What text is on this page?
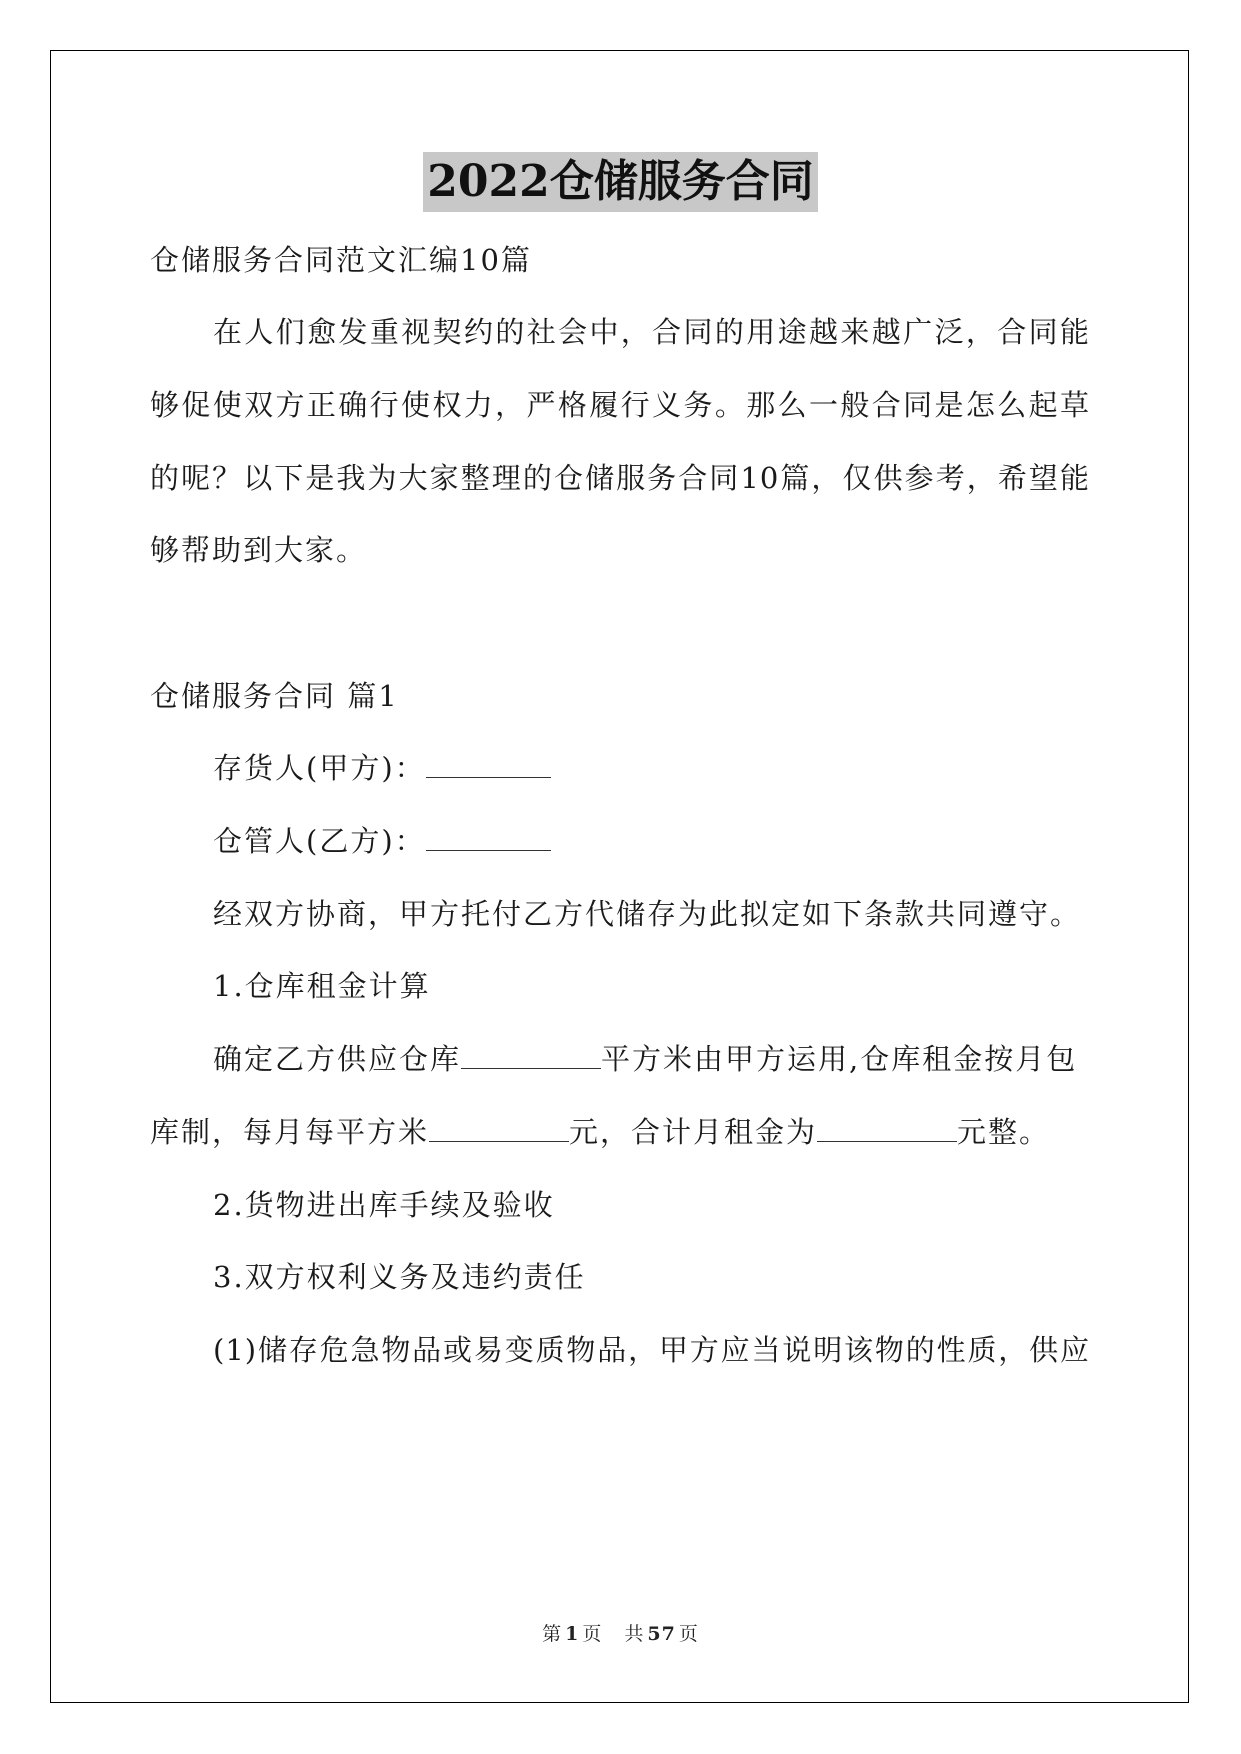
2022仓储服务合同
仓储服务合同范文汇编10篇
在人们愈发重视契约的社会中，合同的用途越来越广泛，合同能
够促使双方正确行使权力，严格履行义务。那么一般合同是怎么起草
的呢？以下是我为大家整理的仓储服务合同10篇，仅供参考，希望能
够帮助到大家。
仓储服务合同 篇1
存货人(甲方)：
仓管人(乙方)：
经双方协商，甲方托付乙方代储存为此拟定如下条款共同遵守。
1.仓库租金计算
确定乙方供应仓库	平方米由甲方运用,仓库租金按月包
库制，每月每平方米	元，合计月租金为	元整。
2.货物进出库手续及验收
3.双方权利义务及违约责任
(1)储存危急物品或易变质物品，甲方应当说明该物的性质，供应
第 1 页 共 57 页
